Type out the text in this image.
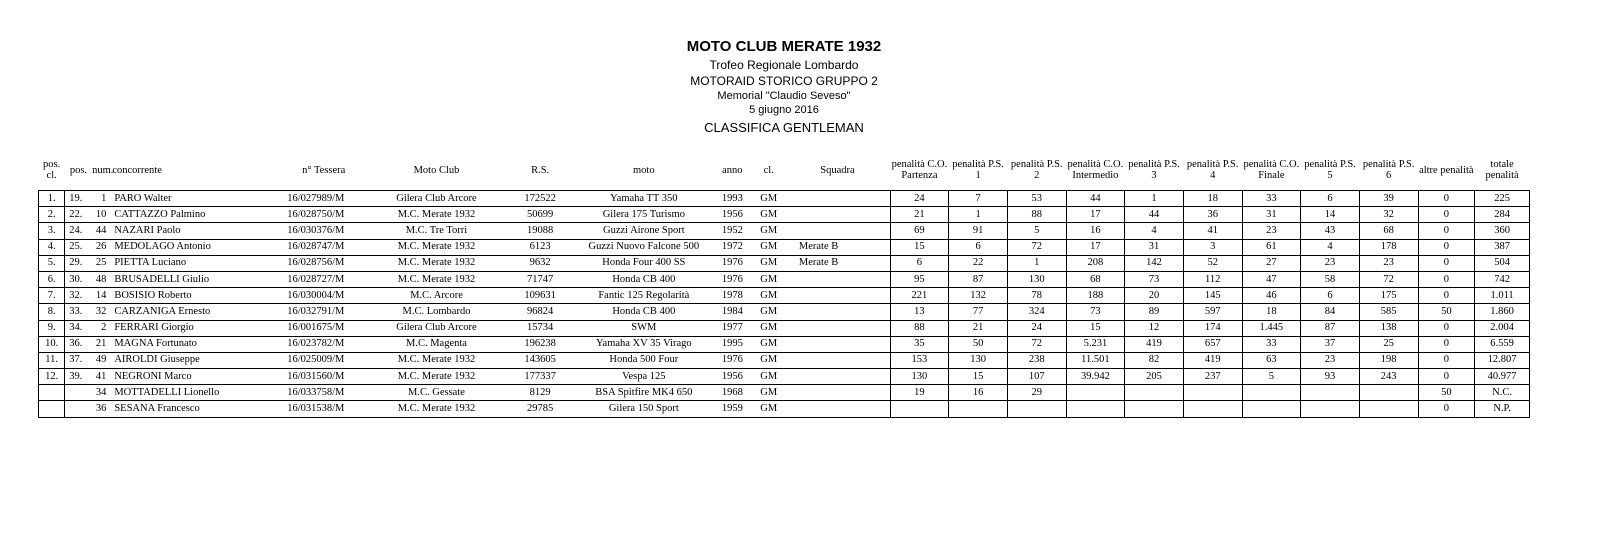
MOTO CLUB MERATE 1932
Trofeo Regionale Lombardo
MOTORAID STORICO GRUPPO 2
Memorial "Claudio Seveso"
5 giugno 2016
CLASSIFICA GENTLEMAN
pos. cl.	pos.	num.	concorrente	n° Tessera	Moto Club	R.S.	moto	anno	cl.	Squadra	penalità C.O. Partenza	penalità P.S. 1	penalità P.S. 2	penalità C.O. Intermedio	penalità P.S. 3	penalità P.S. 4	penalità C.O. Finale	penalità P.S. 5	penalità P.S. 6	altre penalità	totale penalità
1.	19.	1	PARO Walter	16/027989/M	Gilera Club Arcore	172522	Yamaha TT 350	1993	GM		24	7	53	44	1	18	33	6	39	0	225
2.	22.	10	CATTAZZO Palmino	16/028750/M	M.C. Merate 1932	50699	Gilera 175 Turismo	1956	GM		21	1	88	17	44	36	31	14	32	0	284
3.	24.	44	NAZARI Paolo	16/030376/M	M.C. Tre Torri	19088	Guzzi Airone Sport	1952	GM		69	91	5	16	4	41	23	43	68	0	360
4.	25.	26	MEDOLAGO Antonio	16/028747/M	M.C. Merate 1932	6123	Guzzi Nuovo Falcone 500	1972	GM	Merate B	15	6	72	17	31	3	61	4	178	0	387
5.	29.	25	PIETTA Luciano	16/028756/M	M.C. Merate 1932	9632	Honda Four 400 SS	1976	GM	Merate B	6	22	1	208	142	52	27	23	23	0	504
6.	30.	48	BRUSADELLI Giulio	16/028727/M	M.C. Merate 1932	71747	Honda CB 400	1976	GM		95	87	130	68	73	112	47	58	72	0	742
7.	32.	14	BOSISIO Roberto	16/030004/M	M.C. Arcore	109631	Fantic 125 Regolarità	1978	GM		221	132	78	188	20	145	46	6	175	0	1.011
8.	33.	32	CARZANIGA Ernesto	16/032791/M	M.C. Lombardo	96824	Honda CB 400	1984	GM		13	77	324	73	89	597	18	84	585	50	1.860
9.	34.	2	FERRARI Giorgio	16/001675/M	Gilera Club Arcore	15734	SWM	1977	GM		88	21	24	15	12	174	1.445	87	138	0	2.004
10.	36.	21	MAGNA Fortunato	16/023782/M	M.C. Magenta	196238	Yamaha XV 35 Virago	1995	GM		35	50	72	5.231	419	657	33	37	25	0	6.559
11.	37.	49	AIROLDI Giuseppe	16/025009/M	M.C. Merate 1932	143605	Honda 500 Four	1976	GM		153	130	238	11.501	82	419	63	23	198	0	12.807
12.	39.	41	NEGRONI Marco	16/031560/M	M.C. Merate 1932	177337	Vespa 125	1956	GM		130	15	107	39.942	205	237	5	93	243	0	40.977
		34	MOTTADELLI Lionello	16/033758/M	M.C. Gessate	8129	BSA Spitfire MK4 650	1968	GM		19	16	29							50	N.C.
		36	SESANA Francesco	16/031538/M	M.C. Merate 1932	29785	Gilera 150 Sport	1959	GM											0	N.P.
